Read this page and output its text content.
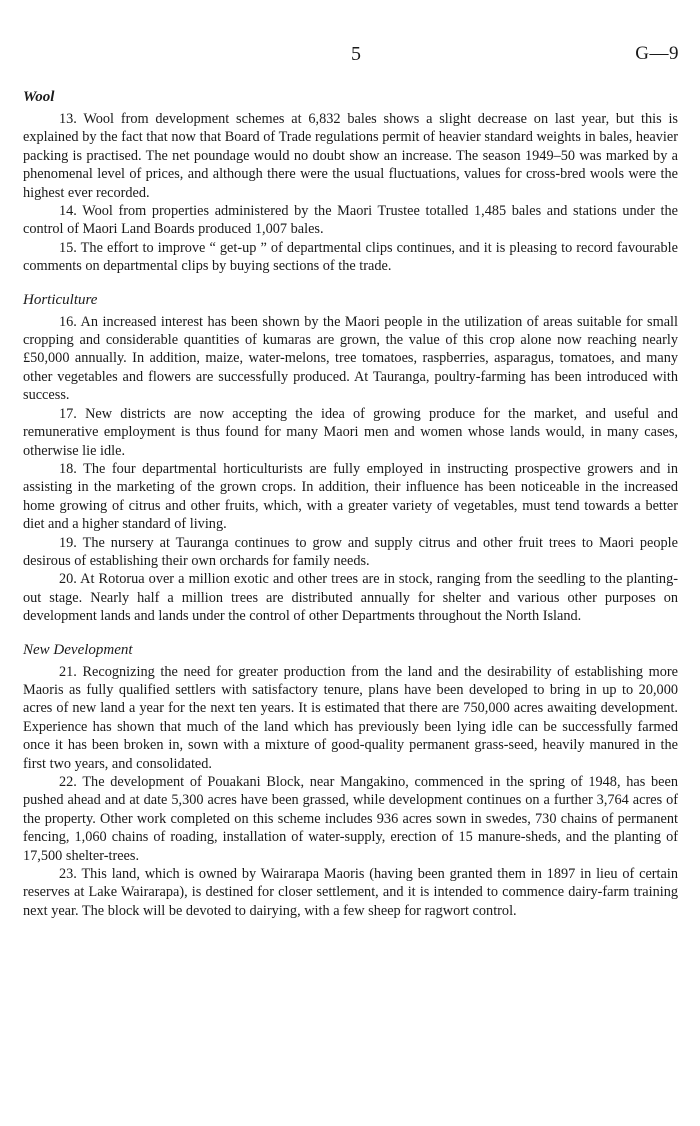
5	G—9
Wool

13. Wool from development schemes at 6,832 bales shows a slight decrease on last year, but this is explained by the fact that now that Board of Trade regulations permit of heavier standard weights in bales, heavier packing is practised. The net poundage would no doubt show an increase. The season 1949–50 was marked by a phenomenal level of prices, and although there were the usual fluctuations, values for cross-bred wools were the highest ever recorded.

14. Wool from properties administered by the Maori Trustee totalled 1,485 bales and stations under the control of Maori Land Boards produced 1,007 bales.

15. The effort to improve “ get-up ” of departmental clips continues, and it is pleasing to record favourable comments on departmental clips by buying sections of the trade.

Horticulture

16. An increased interest has been shown by the Maori people in the utilization of areas suitable for small cropping and considerable quantities of kumaras are grown, the value of this crop alone now reaching nearly £50,000 annually. In addition, maize, water-melons, tree tomatoes, raspberries, asparagus, tomatoes, and many other vegetables and flowers are successfully produced. At Tauranga, poultry-farming has been introduced with success.

17. New districts are now accepting the idea of growing produce for the market, and useful and remunerative employment is thus found for many Maori men and women whose lands would, in many cases, otherwise lie idle.

18. The four departmental horticulturists are fully employed in instructing prospective growers and in assisting in the marketing of the grown crops. In addition, their influence has been noticeable in the increased home growing of citrus and other fruits, which, with a greater variety of vegetables, must tend towards a better diet and a higher standard of living.

19. The nursery at Tauranga continues to grow and supply citrus and other fruit trees to Maori people desirous of establishing their own orchards for family needs.

20. At Rotorua over a million exotic and other trees are in stock, ranging from the seedling to the planting-out stage. Nearly half a million trees are distributed annually for shelter and various other purposes on development lands and lands under the control of other Departments throughout the North Island.

New Development

21. Recognizing the need for greater production from the land and the desirability of establishing more Maoris as fully qualified settlers with satisfactory tenure, plans have been developed to bring in up to 20,000 acres of new land a year for the next ten years. It is estimated that there are 750,000 acres awaiting development. Experience has shown that much of the land which has previously been lying idle can be successfully farmed once it has been broken in, sown with a mixture of good-quality permanent grass-seed, heavily manured in the first two years, and consolidated.

22. The development of Pouakani Block, near Mangakino, commenced in the spring of 1948, has been pushed ahead and at date 5,300 acres have been grassed, while development continues on a further 3,764 acres of the property. Other work completed on this scheme includes 936 acres sown in swedes, 730 chains of permanent fencing, 1,060 chains of roading, installation of water-supply, erection of 15 manure-sheds, and the planting of 17,500 shelter-trees.

23. This land, which is owned by Wairarapa Maoris (having been granted them in 1897 in lieu of certain reserves at Lake Wairarapa), is destined for closer settlement, and it is intended to commence dairy-farm training next year. The block will be devoted to dairying, with a few sheep for ragwort control.
